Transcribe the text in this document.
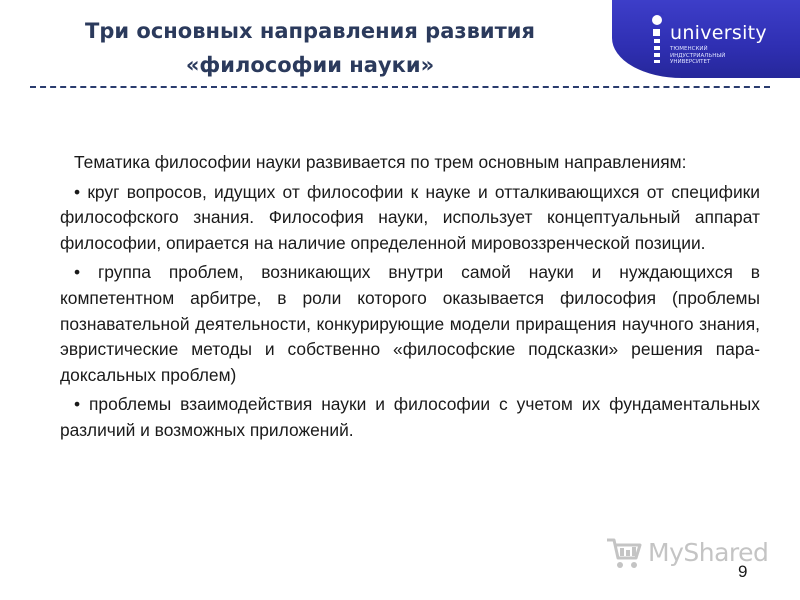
Три основных направления развития
«философии науки»
university
ТЮМЕНСКИЙ
ИНДУСТРИАЛЬНЫЙ
УНИВЕРСИТЕТ

Тематика философии науки развивается по трем основным направлениям:

• круг вопросов, идущих от философии к науке и отталкивающихся от специфики философского знания. Философия науки, использует концептуальный аппарат философии, опирается на наличие определенной мировоззренческой позиции.

• группа проблем, возникающих внутри самой науки и нуждающихся в компетентном арбитре, в роли которого оказывается философия (проблемы познавательной деятельности, конкурирующие модели приращения научного знания, эвристические методы и собственно «философские подсказки» решения пара-доксальных проблем)

• проблемы взаимодействия науки и философии с учетом их фундаментальных различий и возможных приложений.

MyShared
9
